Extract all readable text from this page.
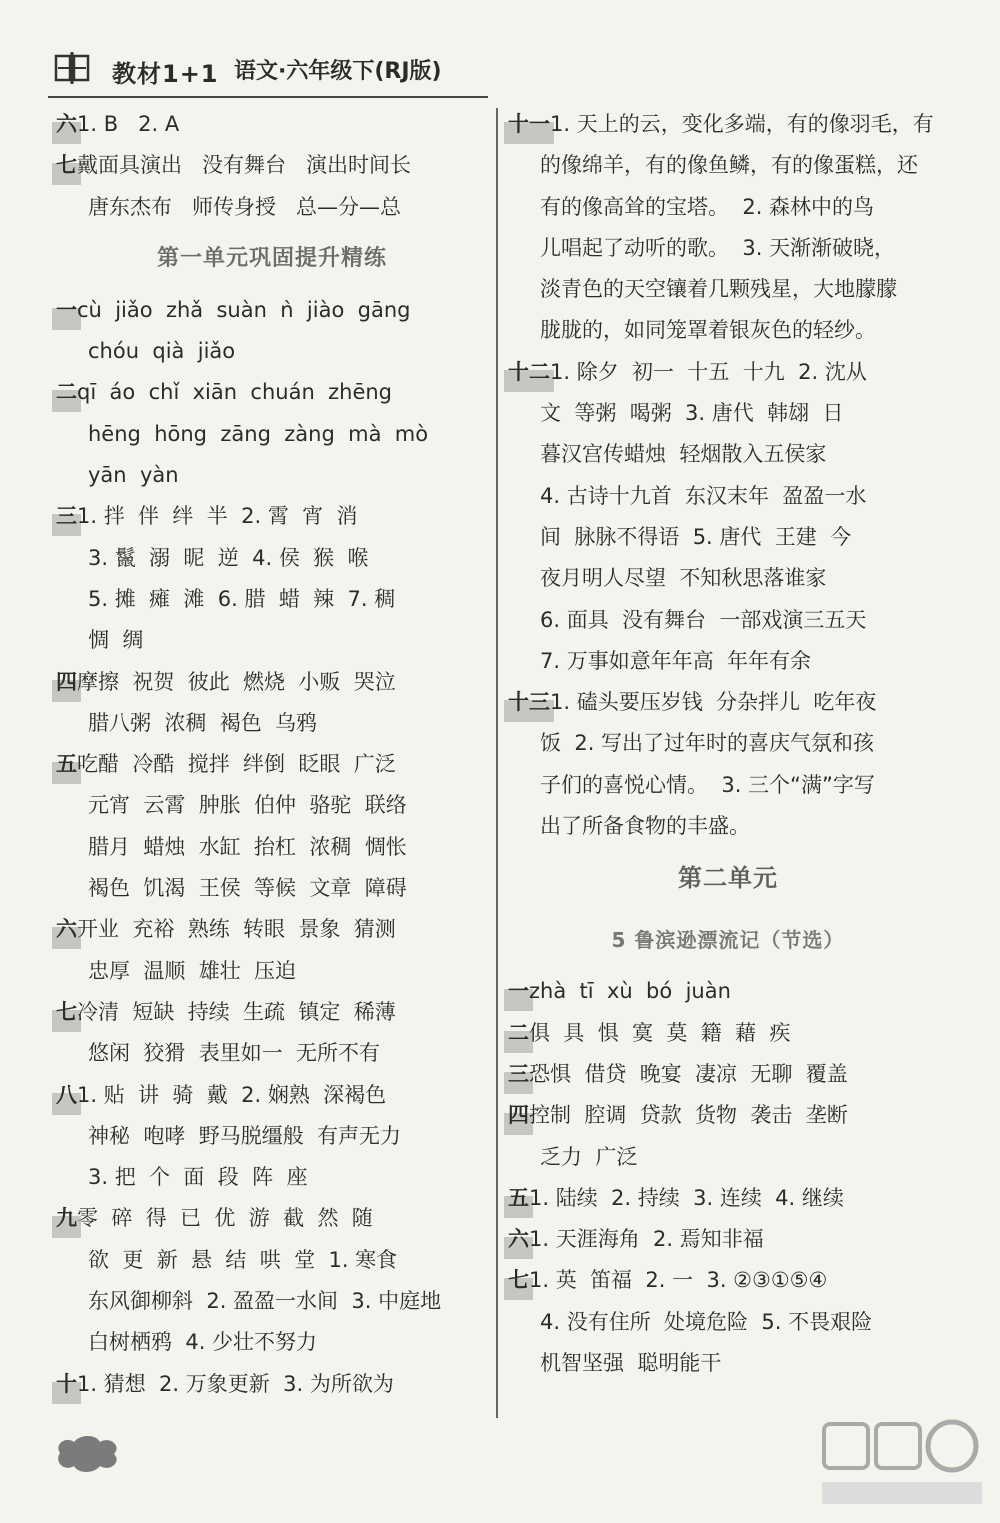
教材1+1 语文·六年级下(RJ版)
六1. B   2. A
七戴面具演出   没有舞台   演出时间长
唐东杰布   师传身授   总—分—总
第一单元巩固提升精练
一cù  jiǎo  zhǎ  suàn  ǹ  jiào  gāng
chóu  qià  jiǎo
二qī  áo  chǐ  xiān  chuán  zhēng
hēng  hōng  zāng  zàng  mà  mò
yān  yàn
三1. 拌  伴  绊  半  2. 霄  宵  消
3. 鬣  溺  昵  逆  4. 侯  猴  喉
5. 摊  瘫  滩  6. 腊  蜡  辣  7. 稠
惆  绸
四摩擦  祝贺  彼此  燃烧  小贩  哭泣
腊八粥  浓稠  褐色  乌鸦
五吃醋  冷酷  搅拌  绊倒  眨眼  广泛
元宵  云霄  肿胀  伯仲  骆驼  联络
腊月  蜡烛  水缸  抬杠  浓稠  惆怅
褐色  饥渴  王侯  等候  文章  障碍
六开业  充裕  熟练  转眼  景象  猜测
忠厚  温顺  雄壮  压迫
七冷清  短缺  持续  生疏  镇定  稀薄
悠闲  狡猾  表里如一  无所不有
八1. 贴  讲  骑  戴  2. 娴熟  深褐色
神秘  咆哮  野马脱缰般  有声无力
3. 把  个  面  段  阵  座
九零  碎  得  已  优  游  截  然  随
欲  更  新  悬  结  哄  堂  1. 寒食
东风御柳斜  2. 盈盈一水间  3. 中庭地
白树栖鸦  4. 少壮不努力
十1. 猜想  2. 万象更新  3. 为所欲为
十一1. 天上的云，变化多端，有的像羽毛，有
的像绵羊，有的像鱼鳞，有的像蛋糕，还
有的像高耸的宝塔。  2. 森林中的鸟
儿唱起了动听的歌。  3. 天渐渐破晓，
淡青色的天空镶着几颗残星，大地朦朦
胧胧的，如同笼罩着银灰色的轻纱。
十二1. 除夕  初一  十五  十九  2. 沈从
文  等粥  喝粥  3. 唐代  韩翃  日
暮汉宫传蜡烛  轻烟散入五侯家
4. 古诗十九首  东汉末年  盈盈一水
间  脉脉不得语  5. 唐代  王建  今
夜月明人尽望  不知秋思落谁家
6. 面具  没有舞台  一部戏演三五天
7. 万事如意年年高  年年有余
十三1. 磕头要压岁钱  分杂拌儿  吃年夜
饭  2. 写出了过年时的喜庆气氛和孩
子们的喜悦心情。  3. 三个“满”字写
出了所备食物的丰盛。
第二单元
5 鲁滨逊漂流记（节选）
一zhà  tī  xù  bó  juàn
二俱  具  惧  寞  莫  籍  藉  疾
三恐惧  借贷  晚宴  凄凉  无聊  覆盖
四控制  腔调  贷款  货物  袭击  垄断
乏力  广泛
五1. 陆续  2. 持续  3. 连续  4. 继续
六1. 天涯海角  2. 焉知非福
七1. 英  笛福  2. 一  3. ②③①⑤④
4. 没有住所  处境危险  5. 不畏艰险
机智坚强  聪明能干
